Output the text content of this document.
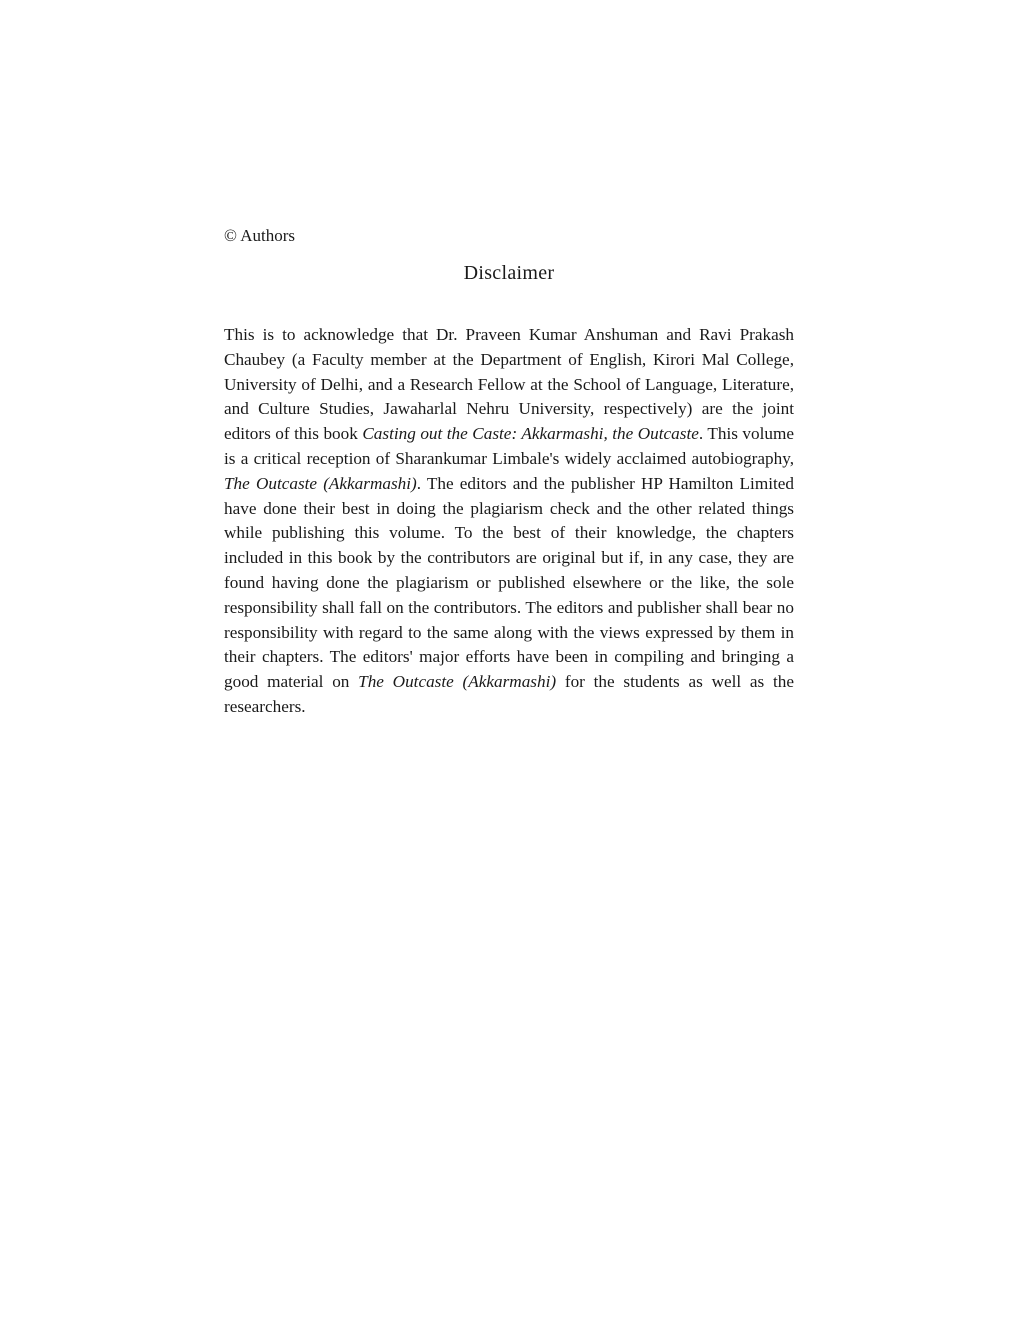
© Authors
Disclaimer

This is to acknowledge that Dr. Praveen Kumar Anshuman and Ravi Prakash Chaubey (a Faculty member at the Department of English, Kirori Mal College, University of Delhi, and a Research Fellow at the School of Language, Literature, and Culture Studies, Jawaharlal Nehru University, respectively) are the joint editors of this book Casting out the Caste: Akkarmashi, the Outcaste. This volume is a critical reception of Sharankumar Limbale's widely acclaimed autobiography, The Outcaste (Akkarmashi). The editors and the publisher HP Hamilton Limited have done their best in doing the plagiarism check and the other related things while publishing this volume. To the best of their knowledge, the chapters included in this book by the contributors are original but if, in any case, they are found having done the plagiarism or published elsewhere or the like, the sole responsibility shall fall on the contributors. The editors and publisher shall bear no responsibility with regard to the same along with the views expressed by them in their chapters. The editors' major efforts have been in compiling and bringing a good material on The Outcaste (Akkarmashi) for the students as well as the researchers.
